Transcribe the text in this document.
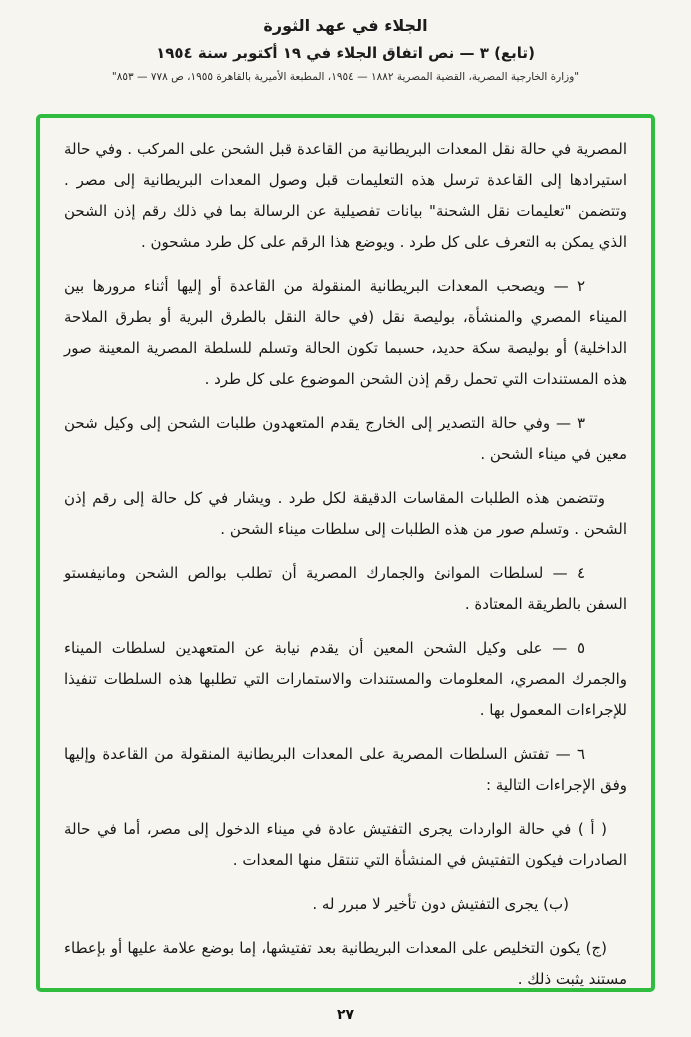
الجلاء في عهد الثورة
(تابع) ٣ — نص اتفاق الجلاء في ١٩ أكتوبر سنة ١٩٥٤
"وزارة الخارجية المصرية، القضية المصرية ١٨٨٢ — ١٩٥٤، المطبعة الأميرية بالقاهرة ١٩٥٥، ص ٧٧٨ — ٨٥٣"

المصرية في حالة نقل المعدات البريطانية من القاعدة قبل الشحن على المركب . وفي حالة استيرادها إلى القاعدة ترسل هذه التعليمات قبل وصول المعدات البريطانية إلى مصر . وتتضمن "تعليمات نقل الشحنة" بيانات تفصيلية عن الرسالة بما في ذلك رقم إذن الشحن الذي يمكن به التعرف على كل طرد . ويوضع هذا الرقم على كل طرد مشحون .

٢ — ويصحب المعدات البريطانية المنقولة من القاعدة أو إليها أثناء مرورها بين الميناء المصري والمنشأة، بوليصة نقل (في حالة النقل بالطرق البرية أو بطرق الملاحة الداخلية) أو بوليصة سكة حديد، حسبما تكون الحالة وتسلم للسلطة المصرية المعينة صور هذه المستندات التي تحمل رقم إذن الشحن الموضوع على كل طرد .

٣ — وفي حالة التصدير إلى الخارج يقدم المتعهدون طلبات الشحن إلى وكيل شحن معين في ميناء الشحن .

وتتضمن هذه الطلبات المقاسات الدقيقة لكل طرد . ويشار في كل حالة إلى رقم إذن الشحن . وتسلم صور من هذه الطلبات إلى سلطات ميناء الشحن .

٤ — لسلطات الموانئ والجمارك المصرية أن تطلب بوالص الشحن ومانيفستو السفن بالطريقة المعتادة .

٥ — على وكيل الشحن المعين أن يقدم نيابة عن المتعهدين لسلطات الميناء والجمرك المصري، المعلومات والمستندات والاستمارات التي تطلبها هذه السلطات تنفيذا للإجراءات المعمول بها .

٦ — تفتش السلطات المصرية على المعدات البريطانية المنقولة من القاعدة وإليها وفق الإجراءات التالية :

( أ ) في حالة الواردات يجرى التفتيش عادة في ميناء الدخول إلى مصر، أما في حالة الصادرات فيكون التفتيش في المنشأة التي تنتقل منها المعدات .

(ب) يجرى التفتيش دون تأخير لا مبرر له .

(ج) يكون التخليص على المعدات البريطانية بعد تفتيشها، إما بوضع علامة عليها أو بإعطاء مستند يثبت ذلك .

٢٧
